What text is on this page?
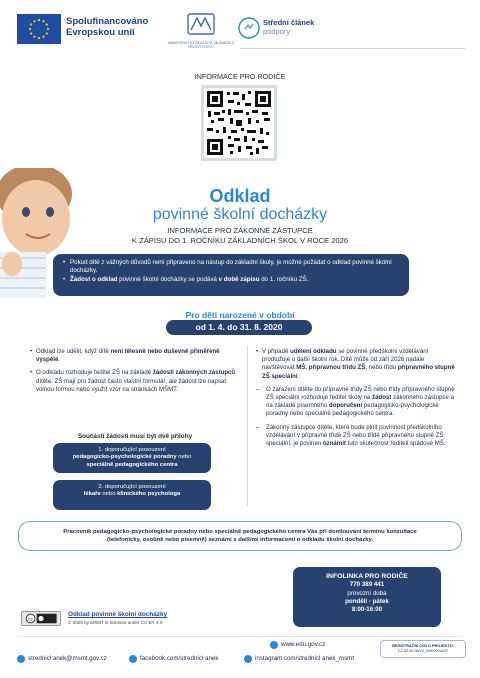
Spolufinancováno
Evropskou unií
MINISTERSTVO ŠKOLSTVÍ, MLÁDEŽE A TĚLOVÝCHOVY
Střední článek
podpory
INFORMACE PRO RODIČE
Odklad
povinné školní docházky
INFORMACE PRO ZÁKONNÉ ZÁSTUPCE
K ZÁPISU DO 1. ROČNÍKU ZÁKLADNÍCH ŠKOL V ROCE 2026
• Pokud dítě z vážných důvodů není připraveno na nástup do základní školy, je možné požádat o odklad povinné školní docházky.
• Žádost o odklad povinné školní docházky se podává v době zápisu do 1. ročníku ZŠ.
Pro děti narozené v období
od 1. 4. do 31. 8. 2020
• Odklad lze udělit, když dítě není tělesně nebo duševně přiměřeně vyspělé.
• O odkladu rozhoduje ředitel ZŠ na základě žádosti zákonných zástupců dítěte. ZŠ mají pro žádost často vlastní formulář, ale žádost lze napsat volnou formou nebo využít vzor na stránkách MŠMT.
Součástí žádosti musí být dvě přílohy
1. doporučující posouzení
pedagogicko-psychologické poradny nebo
speciálně pedagogického centra
2. doporučující posouzení
lékaře nebo klinického psychologa
• V případě udělení odkladu se povinné předškolní vzdělávání prodlužuje o další školní rok. Dítě může od září 2026 nadále navštěvovat MŠ, přípravnou třídu ZŠ, nebo třídu přípravného stupně ZŠ speciální.
– O zařazení dítěte do přípravné třídy ZŠ nebo třídy přípravného stupně ZŠ speciální rozhoduje ředitel školy na žádost zákonného zástupce a na základě písemného doporučení pedagogicko-psychologické poradny nebo speciálně pedagogického centra.
– Zákonný zástupce dítěte, které bude plnit povinnost předškolního vzdělávání v přípravné třídě ZŠ nebo třídě přípravného stupně ZŠ speciální, je povinen oznámit tuto skutečnost řediteli spádové MŠ.
Pracovník pedagogicko-psychologické poradny nebo speciálně pedagogického centra Vás při domlouvání termínu konzultace
(telefonicky, osobně nebo písemně) seznámí s dalšími informacemi o odkladu školní docházky.
INFOLINKA PRO RODIČE
770 389 441
provozní doba
pondělí - pátek
8:00-16:00
cc
Odklad povinné školní docházky
© 2025 by MŠMT is licensed under CC BY 4.0
www.edu.gov.cz
strednicl anek@msmt.gov.cz	facebook.com/strednicl anek	instagram.com/strednicl anek_msmt
REGISTRAČNÍ ČÍSLO PROJEKTU:
CZ.02.02.00/22_005/0004237
